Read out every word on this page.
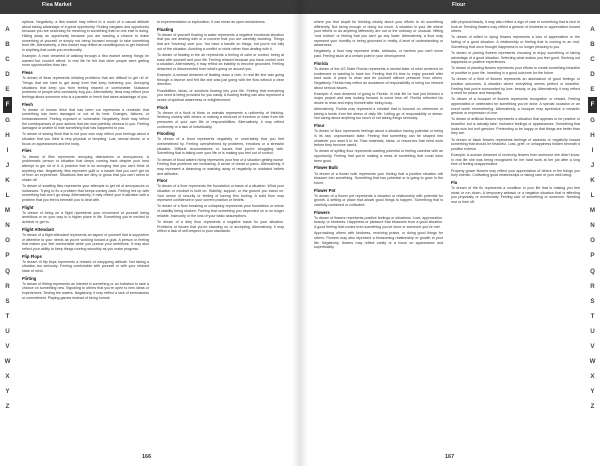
Flea Market
A
B
C
D
E
F
G
H
I
J
K
L
M
N
O
P
Q
R
S
T
U
V
W
X
Y
Z

options. Negatively, a flea market may reflect to a much of a casual attitude about taking advantage of a great opportunity. Finding bargains and opportunity because you are searching for meaning in something that no one else is doing. Hiding away an opportunity because you are wasting a chance to make something of yourself or simply not being focused enough to take something from life. Alternatively, a flea market may reflect an unwillingness to get involved in anything that costs you emotionally.

Example: A man dreamed of walking through a flea market seeing things he wanted but couldn't afford. In real life he felt that other people were getting more opportunities than him.

Fleas

To dream of fleas represents irritating problems that are difficult to get rid of. Things that are hard to get away from that keep bothering you. Annoying situations that keep you from feeling relaxed or comfortable. Nuisance problems or people who constantly bug you. Alternatively, fleas may reflect your feelings about someone who is a parasite or leech that takes advantage of you.

Flesh

To dream of human flesh that has been cut represents a reminder that something has been damaged or not at its best. Changes, failures, or embarrassment. Feeling exposed or vulnerable. Negatively, flesh may reflect the consequences of your actions that are now painfully obvious to you. Feeling damaged or unable to hide something that has happened to you.

To dream of seeing flesh that is not your own may reflect your feelings about a situation that you think is very physical or tempting. Lust, sexual desire, or a focus on appearances and the body.

Flies

To dream of flies represents annoying distractions or annoyances. A problematic person or situation that keeps coming back despite your best attempt to get rid of it. A problem that is so annoying that you can't think of anything else. Negatively, flies represent guilt or a hassle that you can't get rid of from an experience. Situations that are dirty or gross that you can't seem to shake off.

To dream of swatting flies represents your attempts to get rid of annoyances or nuisances. Trying to fix a problem that keeps coming back. Feeling fed up with something that won't go away. Alternatively, it may reflect your frustration with a problem that you feel is beneath you to deal with.

Flight

To dream of being on a flight represents your movement of yourself being ambitious or on your way to a higher place in life. Something you're excited to achieve or get to.

Flight Attendant

To dream of a flight attendant represents an aspect of yourself that is supportive or attentive to your needs as you're working toward a goal. A person or feeling that makes you feel comfortable while you pursue your ambitions. It may also reflect your ability to keep things running smoothly as you make progress.

Flip Flops

To dream of flip flops represents a relaxed or easygoing attitude. Not taking a situation too seriously. Feeling comfortable with yourself or with your relaxed state of mind.

Flirting

To dream of flirting represents an interest in something or an invitation to take a chance on something new. Signaling to others that you're open to new ideas or experiences. Testing the waters. Negatively, it may reflect a lack of seriousness or commitment. Playing games instead of being honest.

to experimentation or exploration. It can mean an open-mindedness.

Floating

To dream of yourself floating in water represents a negative emotional situation that you are dealing with or a concern that you are carefully avoiding. Things that are 'hovering' over you. You have a handle on things, but you're not fully out of the situation. Avoiding a conflict or crisis rather than dealing with it.

To dream of floating in the air represents a feeling of calm or control, being at ease with yourself and your life. Feeling relaxed because you have control over a situation. Alternatively, it may reflect an inability to become grounded. Feeling detached or disconnected from what's going on around you.

Example: A woman dreamed of floating down a river. In real life she was going through a divorce and felt like she was just going with the flow without a clear direction.

Possibilities, ideas, or solutions floating into your life. Feeling that everything you need is being provided for you easily. A floating feeling can also represent a sense of spiritual awareness or enlightenment.

Flock

To dream of a flock of birds or animals represents a uniformity of thinking. Working closely with others or making a mind-set of freedom or ease from the pressures of your own life or responsibilities. Alternatively, it may reflect conformity or a lack of individuality.

Flooding

To dream of a flood represents negativity or uncertainty that you feel overwhelmed by. Feeling overwhelmed by problems, emotions or a stressful situation. Difficult circumstances or issues that you're struggling with. Something that is taking over your life or is making you feel out of control.

To dream of flood waters rising represents your fear of a situation getting worse. Feeling that problems are increasing. A sense of dread or panic. Alternatively, it may represent a cleansing or washing away of negativity or outdated beliefs and attitudes.

Floor

To dream of a floor represents the foundation or basis of a situation. What your situation or mindset is built on. Stability, support, or the ground you stand on. Your sense of security or feeling of having firm footing. A solid floor may represent confidence in your current position or beliefs.

To dream of a floor breaking or collapsing represents your foundation or sense of stability being shaken. Feeling that something you depended on is no longer reliable. Insecurity or the loss of your basic assumptions.

To dream of a dirty floor represents a negative basis for your situation. Problems or issues that you're standing on or accepting. Alternatively, it may reflect a lack of self-respect or poor standards.

166
Flour
A
B
C
D
E
F
G
H
I
J
K
L
M
N
O
P
Q
R
S
T
U
V
W
X
Y
Z

where you feel stupid for thinking clearly about your efforts to do something differently. Not being enough or doing too much. A situation in your life where your efforts to do anything differently are out of the ordinary or unusual. Hitting 'rock bottom' or feeling that you can't go any lower. Alternatively, a floor may represent your humility or being grounded in reality. A level of understanding or awareness.

Negatively, a floor may represent limits, setbacks, or barriers you can't move past. Feeling stuck at a certain point in your development.

Florida

To dream of the US State Florida represents a mental state of mind centered on excitement or wanting to have fun. Feeling that it's time to enjoy yourself after hard work. A place to relax and be yourself without pressure from others. Negatively, Florida may reflect an avoidance of responsibility or being too relaxed about serious issues.

Example: A man dreamed of going to Florida. In real life he had just finished a major project and was looking forward to some time off. Florida reflected his desire to relax and enjoy himself after being busy.

Alternatively, Florida may represent a mindset that is focused on retirement or taking a break from the stress of daily life. Letting go of responsibility or stress. Not caring about anything too much or not taking things seriously.

Flour

To dream of flour represents feelings about a situation having potential or being in its raw, unprocessed state. Feeling that something can be shaped into whatever you want it to be. Raw materials, ideas, or resources that need work before they become useful.

To dream of spilling flour represents wasting potential or feeling careless with an opportunity. Feeling that you're making a mess of something that could have been good.

Flower Bulb

To dream of a flower bulb represents your feeling that a positive situation will blossom into something. Something that has potential or is going to grow in the future.

Flower Pot

To dream of a flower pot represents a situation or relationship with potential for growth. A setting or place that allows good things to happen. Something that is carefully contained or cultivated.

Flowers

To dream of flowers represents positive feelings or situations. Love, appreciation, beauty, or kindness. Happiness or pleasure that blossoms from a good situation. A good feeling that comes from something you've done or someone you've met.

Approaching others with kindness, receiving praise, or doing good things for others. Flowers may also represent a blossoming relationship or growth in your life. Negatively, flowers may reflect vanity or a focus on appearance and superficiality.

with physical beauty. It may also reflect a sign of care or something that is nice to look at. Sending flowers may reflect a gesture of kindness or appreciation toward others.

To dream of wilted or dying flowers represents a loss of appreciation or the fading of a good situation. A relationship or feeling that is coming to an end. Something that once brought happiness is no longer pleasing to you.

To dream of picking flowers represents choosing to enjoy something or taking advantage of a good situation. Selecting what makes you feel good. Seeking out happiness or positive experiences.

To dream of planting flowers represents your efforts to create something beautiful or positive in your life. Investing in a good outcome for the future.

To dream of a field of flowers represents an abundance of good feelings or positive outcomes. A situation where everything seems perfect or beautiful. Feeling that you're surrounded by love, beauty, or joy. Alternatively, it may reflect a need for peace and tranquility.

To dream of a bouquet of flowers represents recognition or reward. Feeling appreciated or celebrated for something you've done. A special occasion or an event worth remembering. Alternatively, a bouquet may symbolize a romantic gesture or expression of love.

To dream of artificial flowers represents a situation that appears to be positive or beautiful, but is actually fake. Insincere feelings or appearances. Something that looks nice but isn't genuine. Pretending to be happy or that things are better than they are.

To dream of black flowers represents feelings of sadness or negativity toward something that should be beautiful. Loss, grief, or unhappiness hidden beneath a positive exterior.

Example: A woman dreamed of receiving flowers from someone she didn't know. In real life she was being recognized for her hard work at her job after a long time of feeling unappreciated.

Properly grown flowers may reflect your appreciation of others or the things you truly cherish. Cultivating good relationships or taking care of your well-being.

Flu

To dream of the flu represents a condition in your life that is making you feel weak or run down. A temporary setback or a negative situation that is affecting you physically or emotionally. Feeling sick of something or someone. Needing rest or time off.

167
